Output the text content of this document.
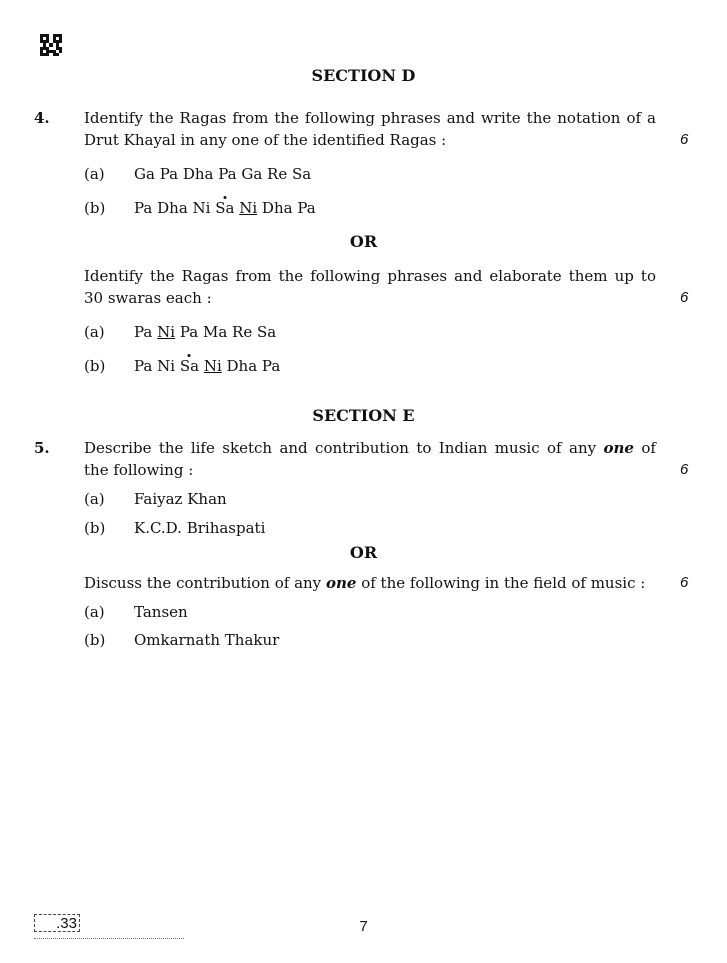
SECTION D
4. Identify the Ragas from the following phrases and write the notation of a
Drut Khayal in any one of the identified Ragas :	6
(a) Ga Pa Dha Pa Ga Re Sa
(b) Pa Dha Ni Sa Ni Dha Pa
OR
Identify the Ragas from the following phrases and elaborate them up to
30 swaras each :	6
(a) Pa Ni Pa Ma Re Sa
(b) Pa Ni Sa Ni Dha Pa
SECTION E
5. Describe the life sketch and contribution to Indian music of any one of
the following :	6
(a) Faiyaz Khan
(b) K.C.D. Brihaspati
OR
Discuss the contribution of any one of the following in the field of music :	6
(a) Tansen
(b) Omkarnath Thakur
.33	7
